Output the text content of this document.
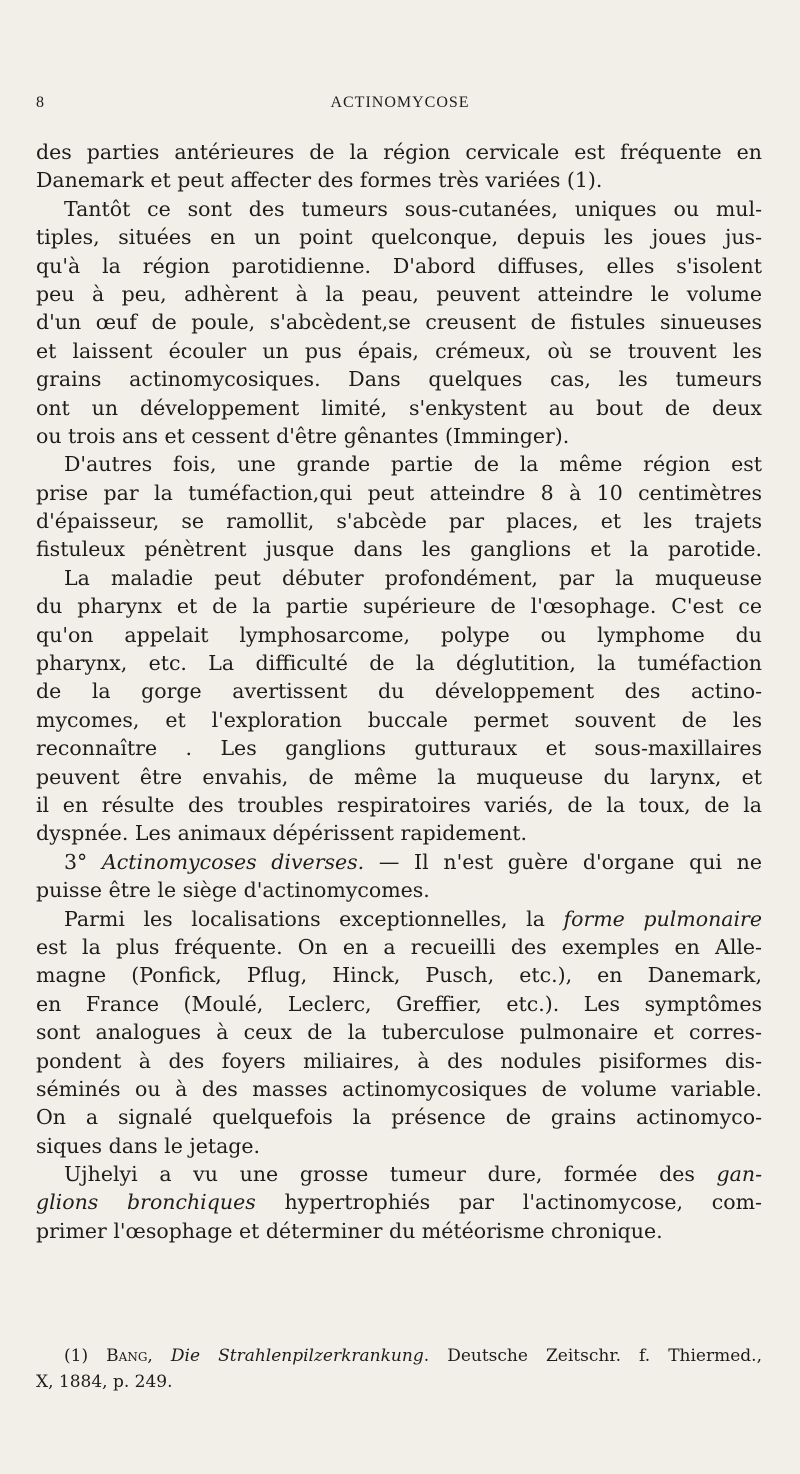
8	ACTINOMYCOSE
des parties antérieures de la région cervicale est fréquente en
Danemark et peut affecter des formes très variées (1).
Tantôt ce sont des tumeurs sous-cutanées, uniques ou mul-
tiples, situées en un point quelconque, depuis les joues jus-
qu'à la région parotidienne. D'abord diffuses, elles s'isolent
peu à peu, adhèrent à la peau, peuvent atteindre le volume
d'un œuf de poule, s'abcèdent,se creusent de fistules sinueuses
et laissent écouler un pus épais, crémeux, où se trouvent les
grains actinomycosiques. Dans quelques cas, les tumeurs
ont un développement limité, s'enkystent au bout de deux
ou trois ans et cessent d'être gênantes (Imminger).
D'autres fois, une grande partie de la même région est
prise par la tuméfaction,qui peut atteindre 8 à 10 centimètres
d'épaisseur, se ramollit, s'abcède par places, et les trajets
fistuleux pénètrent jusque dans les ganglions et la parotide.
La maladie peut débuter profondément, par la muqueuse
du pharynx et de la partie supérieure de l'œsophage. C'est ce
qu'on appelait lymphosarcome, polype ou lymphome du
pharynx, etc. La difficulté de la déglutition, la tuméfaction
de la gorge avertissent du développement des actino-
mycomes, et l'exploration buccale permet souvent de les
reconnaître . Les ganglions gutturaux et sous-maxillaires
peuvent être envahis, de même la muqueuse du larynx, et
il en résulte des troubles respiratoires variés, de la toux, de la
dyspnée. Les animaux dépérissent rapidement.
3° Actinomycoses diverses. — Il n'est guère d'organe qui ne
puisse être le siège d'actinomycomes.
Parmi les localisations exceptionnelles, la forme pulmonaire
est la plus fréquente. On en a recueilli des exemples en Alle-
magne (Ponfick, Pflug, Hinck, Pusch, etc.), en Danemark,
en France (Moulé, Leclerc, Greffier, etc.). Les symptômes
sont analogues à ceux de la tuberculose pulmonaire et corres-
pondent à des foyers miliaires, à des nodules pisiformes dis-
séminés ou à des masses actinomycosiques de volume variable.
On a signalé quelquefois la présence de grains actinomyco-
siques dans le jetage.
Ujhelyi a vu une grosse tumeur dure, formée des gan-
glions bronchiques hypertrophiés par l'actinomycose, com-
primer l'œsophage et déterminer du météorisme chronique.
(1) Bang, Die Strahlenpilzerkrankung. Deutsche Zeitschr. f. Thiermed.,
X, 1884, p. 249.
